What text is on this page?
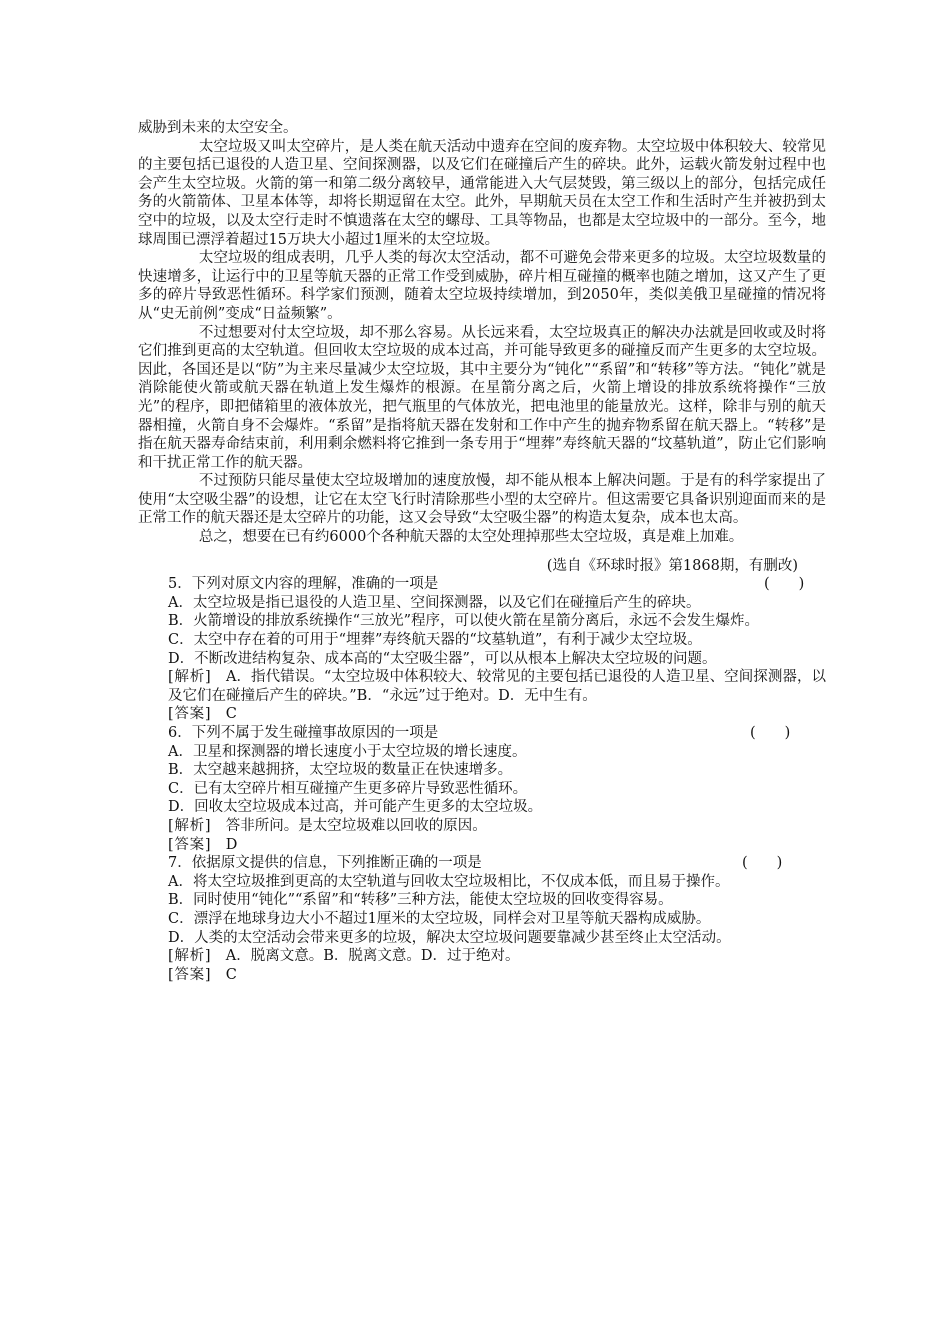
威胁到未来的太空安全。

太空垃圾又叫太空碎片，是人类在航天活动中遗弃在空间的废弃物。太空垃圾中体积较大、较常见的主要包括已退役的人造卫星、空间探测器，以及它们在碰撞后产生的碎块。此外，运载火箭发射过程中也会产生太空垃圾。火箭的第一和第二级分离较早，通常能进入大气层焚毁，第三级以上的部分，包括完成任务的火箭箭体、卫星本体等，却将长期逗留在太空。此外，早期航天员在太空工作和生活时产生并被扔到太空中的垃圾，以及太空行走时不慎遗落在太空的螺母、工具等物品，也都是太空垃圾中的一部分。至今，地球周围已漂浮着超过15万块大小超过1厘米的太空垃圾。

太空垃圾的组成表明，几乎人类的每次太空活动，都不可避免会带来更多的垃圾。太空垃圾数量的快速增多，让运行中的卫星等航天器的正常工作受到威胁，碎片相互碰撞的概率也随之增加，这又产生了更多的碎片导致恶性循环。科学家们预测，随着太空垃圾持续增加，到2050年，类似美俄卫星碰撞的情况将从“史无前例”变成“日益频繁”。

不过想要对付太空垃圾，却不那么容易。从长远来看，太空垃圾真正的解决办法就是回收或及时将它们推到更高的太空轨道。但回收太空垃圾的成本过高，并可能导致更多的碰撞反而产生更多的太空垃圾。因此，各国还是以“防”为主来尽量减少太空垃圾，其中主要分为“钝化”“系留”和“转移”等方法。“钝化”就是消除能使火箭或航天器在轨道上发生爆炸的根源。在星箭分离之后，火箭上增设的排放系统将操作“三放光”的程序，即把储箱里的液体放光，把气瓶里的气体放光，把电池里的能量放光。这样，除非与别的航天器相撞，火箭自身不会爆炸。“系留”是指将航天器在发射和工作中产生的抛弃物系留在航天器上。“转移”是指在航天器寿命结束前，利用剩余燃料将它推到一条专用于“埋葬”寿终航天器的“坟墓轨道”，防止它们影响和干扰正常工作的航天器。

不过预防只能尽量使太空垃圾增加的速度放慢，却不能从根本上解决问题。于是有的科学家提出了使用“太空吸尘器”的设想，让它在太空飞行时清除那些小型的太空碎片。但这需要它具备识别迎面而来的是正常工作的航天器还是太空碎片的功能，这又会导致“太空吸尘器”的构造太复杂，成本也太高。

总之，想要在已有约6000个各种航天器的太空处理掉那些太空垃圾，真是难上加难。

(选自《环球时报》第1868期，有删改)

5．下列对原文内容的理解，准确的一项是	(　　)

A．太空垃圾是指已退役的人造卫星、空间探测器，以及它们在碰撞后产生的碎块。

B．火箭增设的排放系统操作“三放光”程序，可以使火箭在星箭分离后，永远不会发生爆炸。

C．太空中存在着的可用于“埋葬”寿终航天器的“坟墓轨道”，有利于减少太空垃圾。

D．不断改进结构复杂、成本高的“太空吸尘器”，可以从根本上解决太空垃圾的问题。

[解析]　 A．指代错误。“太空垃圾中体积较大、较常见的主要包括已退役的人造卫星、空间探测器，以及它们在碰撞后产生的碎块。”B．“永远”过于绝对。D．无中生有。

[答案]　 C

6．下列不属于发生碰撞事故原因的一项是	(　　)

A．卫星和探测器的增长速度小于太空垃圾的增长速度。

B．太空越来越拥挤，太空垃圾的数量正在快速增多。

C．已有太空碎片相互碰撞产生更多碎片导致恶性循环。

D．回收太空垃圾成本过高，并可能产生更多的太空垃圾。

[解析]　 答非所问。是太空垃圾难以回收的原因。

[答案]　 D

7．依据原文提供的信息，下列推断正确的一项是	(　　)

A．将太空垃圾推到更高的太空轨道与回收太空垃圾相比，不仅成本低，而且易于操作。

B．同时使用“钝化”“系留”和“转移”三种方法，能使太空垃圾的回收变得容易。

C．漂浮在地球身边大小不超过1厘米的太空垃圾，同样会对卫星等航天器构成威胁。

D．人类的太空活动会带来更多的垃圾，解决太空垃圾问题要靠减少甚至终止太空活动。

[解析]　 A．脱离文意。B．脱离文意。D．过于绝对。

[答案]　 C
